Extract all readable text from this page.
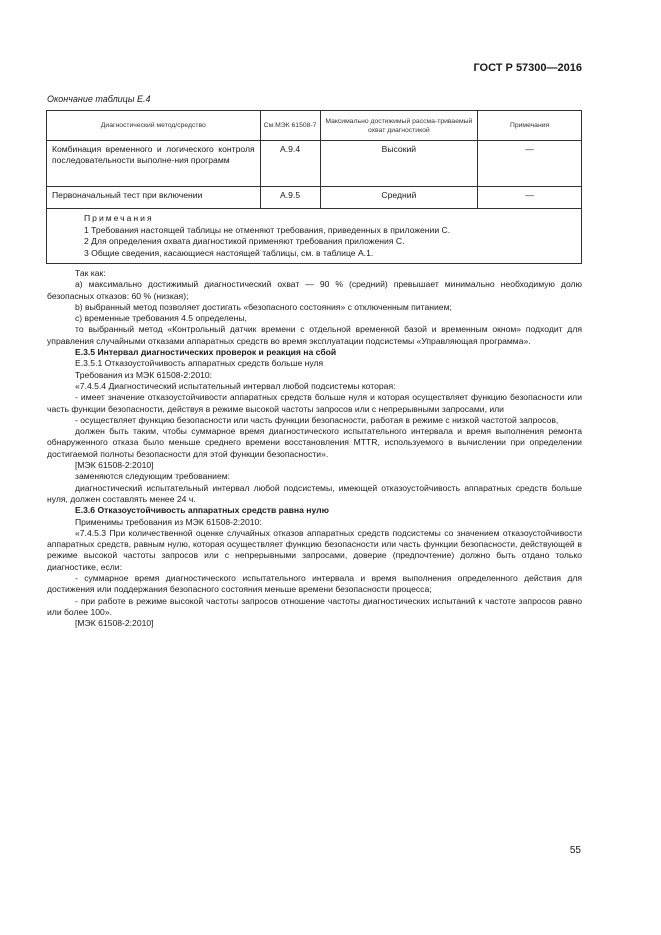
ГОСТ Р 57300—2016
Окончание таблицы Е.4
Диагностический метод/средство	См.МЭК 61508-7	Максимально достижимый рассма-триваемый охват диагностикой	Примечания
Комбинация временного и логического контроля последовательности выполне-ния программ	А.9.4	Высокий	—
Первоначальный тест при включении	А.9.5	Средний	—

Примечания
1 Требования настоящей таблицы не отменяют требования, приведенных в приложении С.
2 Для определения охвата диагностикой применяют требования приложения С.
3 Общие сведения, касающиеся настоящей таблицы, см. в таблице А.1.			

Так как:

а) максимально достижимый диагностический охват — 90 % (средний) превышает минимально необходимую долю безопасных отказов: 60 % (низкая);

b) выбранный метод позволяет достигать «безопасного состояния» с отключенным питанием;

с) временные требования 4.5 определены,

то выбранный метод «Контрольный датчик времени с отдельной временной базой и временным окном» подходит для управления случайными отказами аппаратных средств во время эксплуатации подсистемы «Управляющая программа».

Е.3.5 Интервал диагностических проверок и реакция на сбой

Е.3.5.1 Отказоустойчивость аппаратных средств больше нуля

Требования из МЭК 61508-2:2010:

«7.4.5.4 Диагностический испытательный интервал любой подсистемы которая:

- имеет значение отказоустойчивости аппаратных средств больше нуля и которая осуществляет функцию безопасности или часть функции безопасности, действуя в режиме высокой частоты запросов или с непрерывными запросами, или

- осуществляет функцию безопасности или часть функции безопасности, работая в режиме с низкой частотой запросов,

должен быть таким, чтобы суммарное время диагностического испытательного интервала и время выполнения ремонта обнаруженного отказа было меньше среднего времени восстановления MTTR, используемого в вычислении при определении достигаемой полноты безопасности для этой функции безопасности».

[МЭК 61508-2:2010]

заменяются следующим требованием:

диагностический испытательный интервал любой подсистемы, имеющей отказоустойчивость аппаратных средств больше нуля, должен составлять менее 24 ч.

Е.3.6 Отказоустойчивость аппаратных средств равна нулю

Применимы требования из МЭК 61508-2:2010:

«7.4.5.3 При количественной оценке случайных отказов аппаратных средств подсистемы со значением отказоустойчивости аппаратных средств, равным нулю, которая осуществляет функцию безопасности или часть функции безопасности, действующей в режиме высокой частоты запросов или с непрерывными запросами, доверие (предпочтение) должно быть отдано только диагностике, если:

- суммарное время диагностического испытательного интервала и время выполнения определенного действия для достижения или поддержания безопасного состояния меньше времени безопасности процесса;

- при работе в режиме высокой частоты запросов отношение частоты диагностических испытаний к частоте запросов равно или более 100».

[МЭК 61508-2:2010]

55
